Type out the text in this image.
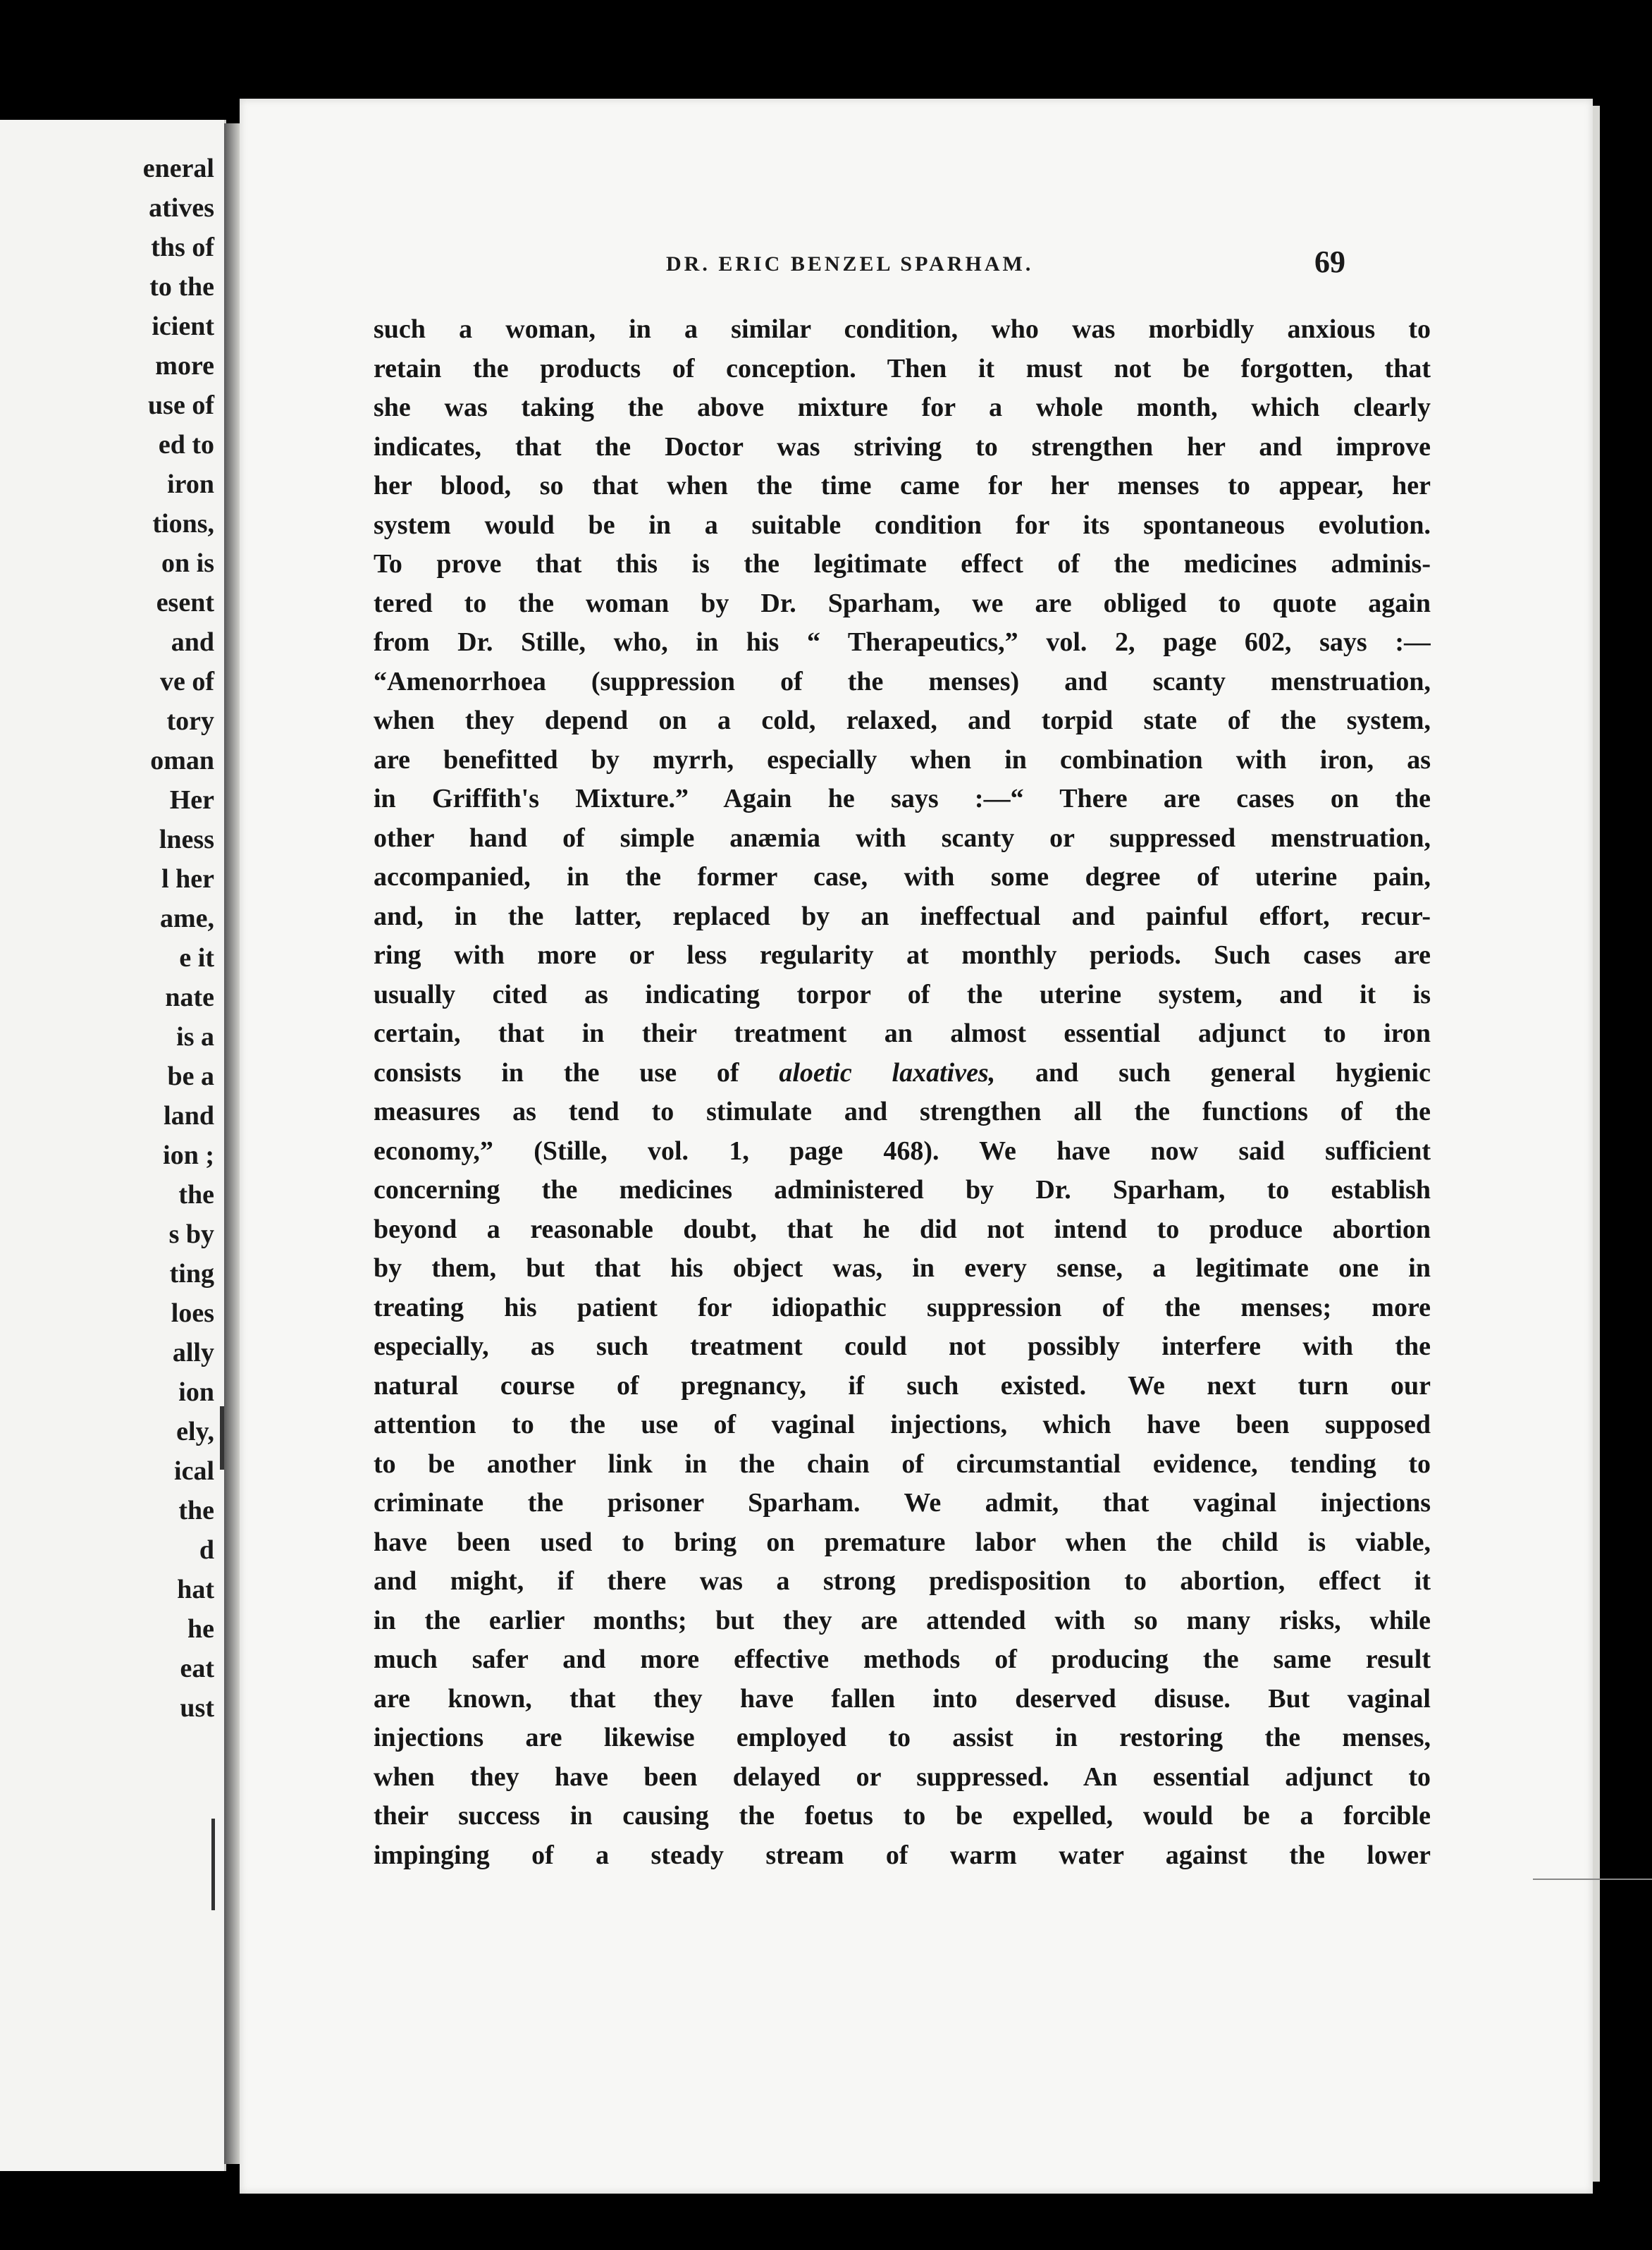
eneral
atives
ths of
to the
icient
more
use of
ed to
iron
tions,
on is
esent
and
ve of
tory
oman
Her
lness
l her
ame,
e it
nate
is a
be a
land
ion ;
the
s by
ting
loes
ally
ion
ely,
ical
the
d
hat
he
eat
ust
DR. ERIC BENZEL SPARHAM.	69
such a woman, in a similar condition, who was morbidly anxious to
retain the products of conception. Then it must not be forgotten, that
she was taking the above mixture for a whole month, which clearly
indicates, that the Doctor was striving to strengthen her and improve
her blood, so that when the time came for her menses to appear, her
system would be in a suitable condition for its spontaneous evolution.
To prove that this is the legitimate effect of the medicines adminis-
tered to the woman by Dr. Sparham, we are obliged to quote again
from Dr. Stille, who, in his “ Therapeutics,” vol. 2, page 602, says :—
“Amenorrhoea (suppression of the menses) and scanty menstruation,
when they depend on a cold, relaxed, and torpid state of the system,
are benefitted by myrrh, especially when in combination with iron, as
in Griffith's Mixture.” Again he says :—“ There are cases on the
other hand of simple anæmia with scanty or suppressed menstruation,
accompanied, in the former case, with some degree of uterine pain,
and, in the latter, replaced by an ineffectual and painful effort, recur-
ring with more or less regularity at monthly periods. Such cases are
usually cited as indicating torpor of the uterine system, and it is
certain, that in their treatment an almost essential adjunct to iron
consists in the use of aloetic laxatives, and such general hygienic
measures as tend to stimulate and strengthen all the functions of the
economy,” (Stille, vol. 1, page 468). We have now said sufficient
concerning the medicines administered by Dr. Sparham, to establish
beyond a reasonable doubt, that he did not intend to produce abortion
by them, but that his object was, in every sense, a legitimate one in
treating his patient for idiopathic suppression of the menses; more
especially, as such treatment could not possibly interfere with the
natural course of pregnancy, if such existed. We next turn our
attention to the use of vaginal injections, which have been supposed
to be another link in the chain of circumstantial evidence, tending to
criminate the prisoner Sparham. We admit, that vaginal injections
have been used to bring on premature labor when the child is viable,
and might, if there was a strong predisposition to abortion, effect it
in the earlier months; but they are attended with so many risks, while
much safer and more effective methods of producing the same result
are known, that they have fallen into deserved disuse. But vaginal
injections are likewise employed to assist in restoring the menses,
when they have been delayed or suppressed. An essential adjunct to
their success in causing the foetus to be expelled, would be a forcible
impinging of a steady stream of warm water against the lower
